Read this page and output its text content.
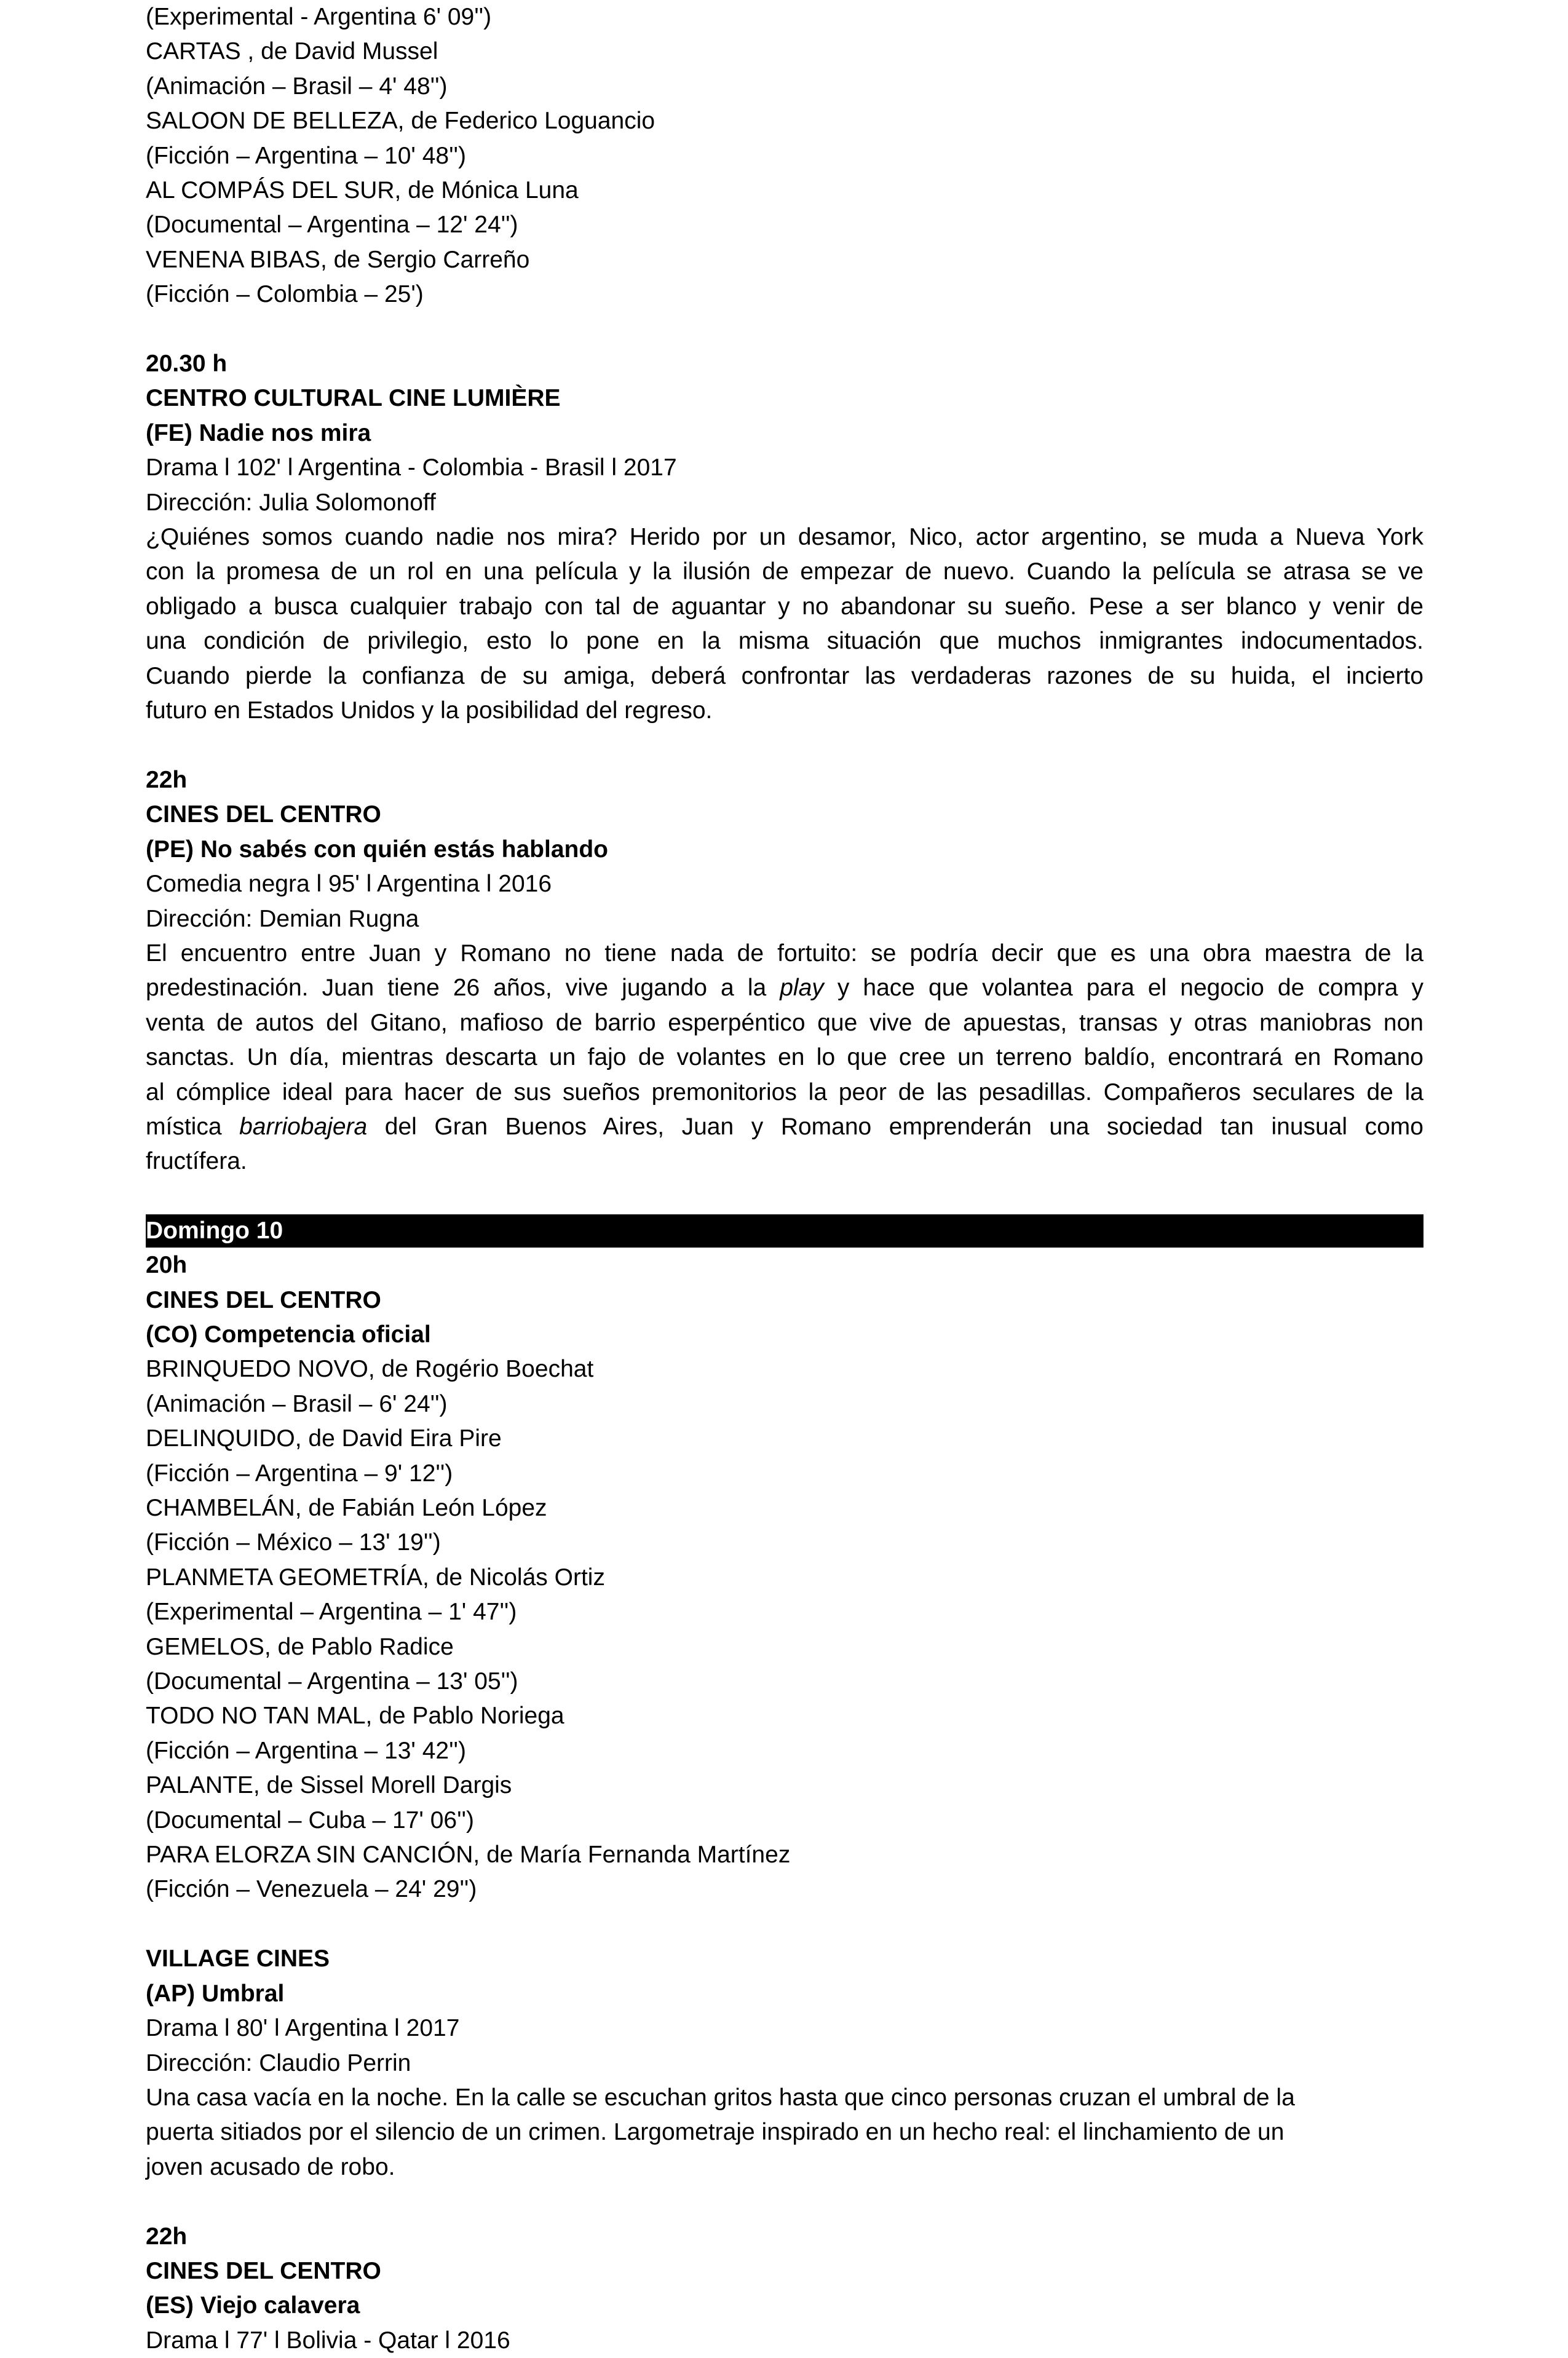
(Experimental - Argentina 6' 09'')
CARTAS , de David Mussel
(Animación – Brasil – 4' 48'')
SALOON DE BELLEZA, de Federico Loguancio
(Ficción – Argentina – 10' 48'')
AL COMPÁS DEL SUR, de Mónica Luna
(Documental – Argentina – 12' 24'')
VENENA BIBAS, de Sergio Carreño
(Ficción – Colombia – 25')
20.30 h
CENTRO CULTURAL CINE LUMIÈRE
(FE) Nadie nos mira
Drama l 102' l Argentina - Colombia - Brasil l 2017
Dirección: Julia Solomonoff
¿Quiénes somos cuando nadie nos mira? Herido por un desamor, Nico, actor argentino, se muda a Nueva York
con la promesa de un rol en una película y la ilusión de empezar de nuevo. Cuando la película se atrasa se ve
obligado a busca cualquier trabajo con tal de aguantar y no abandonar su sueño. Pese a ser blanco y venir de
una condición de privilegio, esto lo pone en la misma situación que muchos inmigrantes indocumentados.
Cuando pierde la confianza de su amiga, deberá confrontar las verdaderas razones de su huida, el incierto
futuro en Estados Unidos y la posibilidad del regreso.
22h
CINES DEL CENTRO
(PE) No sabés con quién estás hablando
Comedia negra l 95' l Argentina l 2016
Dirección: Demian Rugna
El encuentro entre Juan y Romano no tiene nada de fortuito: se podría decir que es una obra maestra de la
predestinación. Juan tiene 26 años, vive jugando a la play y hace que volantea para el negocio de compra y
venta de autos del Gitano, mafioso de barrio esperpéntico que vive de apuestas, transas y otras maniobras non
sanctas. Un día, mientras descarta un fajo de volantes en lo que cree un terreno baldío, encontrará en Romano
al cómplice ideal para hacer de sus sueños premonitorios la peor de las pesadillas. Compañeros seculares de la
mística barriobajera del Gran Buenos Aires, Juan y Romano emprenderán una sociedad tan inusual como
fructífera.
Domingo 10
20h
CINES DEL CENTRO
(CO) Competencia oficial
BRINQUEDO NOVO, de Rogério Boechat
(Animación – Brasil – 6' 24'')
DELINQUIDO, de David Eira Pire
(Ficción – Argentina – 9' 12'')
CHAMBELÁN, de Fabián León López
(Ficción – México – 13' 19'')
PLANMETA GEOMETRÍA, de Nicolás Ortiz
(Experimental – Argentina – 1' 47'')
GEMELOS, de Pablo Radice
(Documental – Argentina – 13' 05'')
TODO NO TAN MAL, de Pablo Noriega
(Ficción – Argentina – 13' 42'')
PALANTE, de Sissel Morell Dargis
(Documental – Cuba – 17' 06'')
PARA ELORZA SIN CANCIÓN, de María Fernanda Martínez
(Ficción – Venezuela – 24' 29'')
VILLAGE CINES
(AP) Umbral
Drama l 80' l Argentina l 2017
Dirección: Claudio Perrin
Una casa vacía en la noche. En la calle se escuchan gritos hasta que cinco personas cruzan el umbral de la
puerta sitiados por el silencio de un crimen. Largometraje inspirado en un hecho real: el linchamiento de un
joven acusado de robo.
22h
CINES DEL CENTRO
(ES) Viejo calavera
Drama l 77' l Bolivia - Qatar l 2016
